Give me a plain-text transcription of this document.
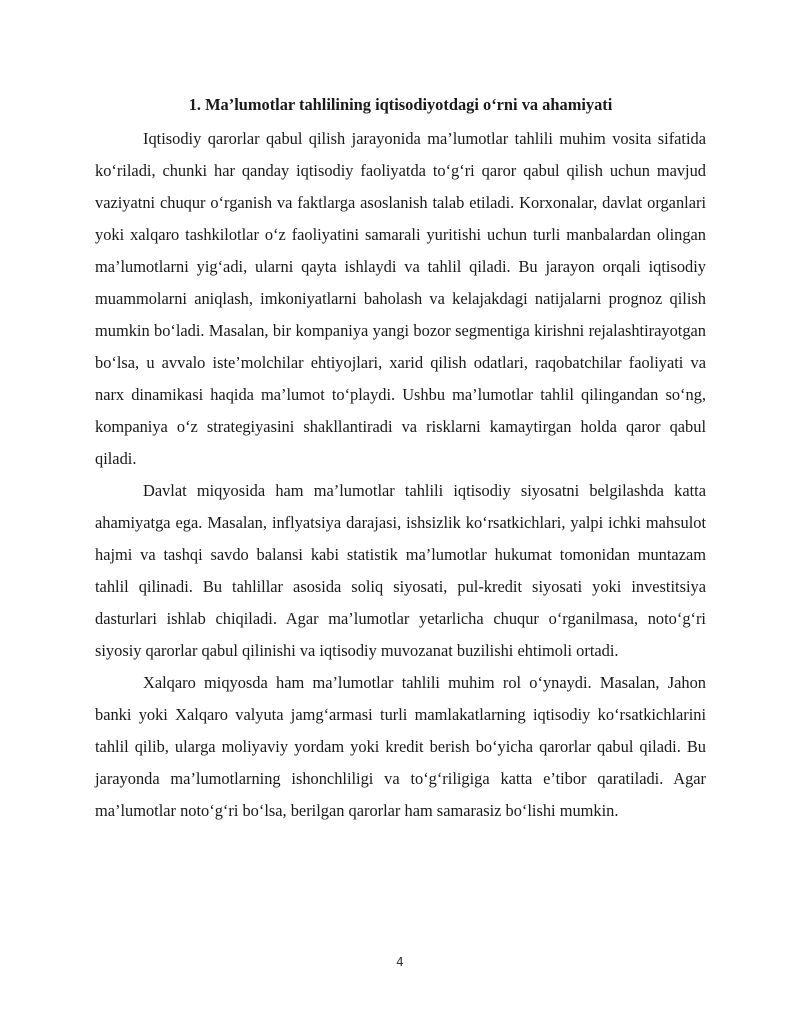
1. Ma’lumotlar tahlilining iqtisodiyotdagi o‘rni va ahamiyati

Iqtisodiy qarorlar qabul qilish jarayonida ma’lumotlar tahlili muhim vosita sifatida ko‘riladi, chunki har qanday iqtisodiy faoliyatda to‘g‘ri qaror qabul qilish uchun mavjud vaziyatni chuqur o‘rganish va faktlarga asoslanish talab etiladi. Korxonalar, davlat organlari yoki xalqaro tashkilotlar o‘z faoliyatini samarali yuritishi uchun turli manbalardan olingan ma’lumotlarni yig‘adi, ularni qayta ishlaydi va tahlil qiladi. Bu jarayon orqali iqtisodiy muammolarni aniqlash, imkoniyatlarni baholash va kelajakdagi natijalarni prognoz qilish mumkin bo‘ladi. Masalan, bir kompaniya yangi bozor segmentiga kirishni rejalashtirayotgan bo‘lsa, u avvalo iste’molchilar ehtiyojlari, xarid qilish odatlari, raqobatchilar faoliyati va narx dinamikasi haqida ma’lumot to‘playdi. Ushbu ma’lumotlar tahlil qilingandan so‘ng, kompaniya o‘z strategiyasini shakllantiradi va risklarni kamaytirgan holda qaror qabul qiladi.

Davlat miqyosida ham ma’lumotlar tahlili iqtisodiy siyosatni belgilashda katta ahamiyatga ega. Masalan, inflyatsiya darajasi, ishsizlik ko‘rsatkichlari, yalpi ichki mahsulot hajmi va tashqi savdo balansi kabi statistik ma’lumotlar hukumat tomonidan muntazam tahlil qilinadi. Bu tahlillar asosida soliq siyosati, pul-kredit siyosati yoki investitsiya dasturlari ishlab chiqiladi. Agar ma’lumotlar yetarlicha chuqur o‘rganilmasa, noto‘g‘ri siyosiy qarorlar qabul qilinishi va iqtisodiy muvozanat buzilishi ehtimoli ortadi.

Xalqaro miqyosda ham ma’lumotlar tahlili muhim rol o‘ynaydi. Masalan, Jahon banki yoki Xalqaro valyuta jamg‘armasi turli mamlakatlarning iqtisodiy ko‘rsatkichlarini tahlil qilib, ularga moliyaviy yordam yoki kredit berish bo‘yicha qarorlar qabul qiladi. Bu jarayonda ma’lumotlarning ishonchliligi va to‘g‘riligiga katta e’tibor qaratiladi. Agar ma’lumotlar noto‘g‘ri bo‘lsa, berilgan qarorlar ham samarasiz bo‘lishi mumkin.

4
